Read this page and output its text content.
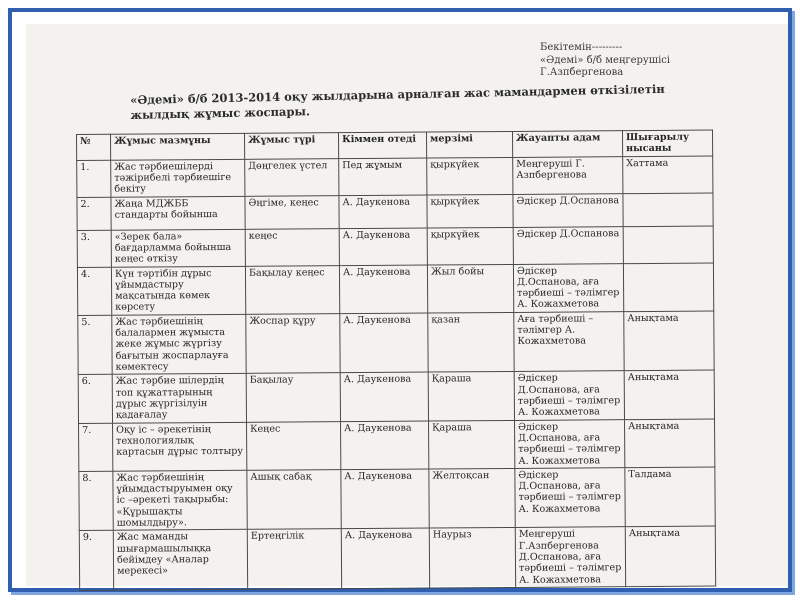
Бекітемін---------
«Әдемі» б/б меңгерушісі
Г.Азпбергенова
«Әдемі» б/б 2013-2014 оқу жылдарына арналған жас мамандармен өткізілетін
жылдық жұмыс жоспары.
№	Жұмыс мазмұны	Жұмыс түрі	Кіммен отеді	мерзімі	Жауапты адам	Шығарылу нысаны
1.	Жас тәрбиешілерді тәжірибелі тәрбиешіге бекіту	Дөңгелек үстел	Пед жұмым	қыркүйек	Меңгеруші Г. Азпбергенова	Хаттама
2.	Жаңа МДЖББ стандарты бойынша	Әңгіме, кеңес	А. Даукенова	қыркүйек	Әдіскер Д.Оспанова	
3.	«Зерек бала» бағдарламма бойынша кеңес өткізу	кеңес	А. Даукенова	қыркүйек	Әдіскер Д.Оспанова	
4.	Күн тәртібін дұрыс ұйымдастыру мақсатында көмек көрсету	Бақылау кеңес	А. Даукенова	Жыл бойы	Әдіскер Д.Оспанова, аға тәрбиеші – тәлімгер А. Кожахметова	
5.	Жас тәрбиешінің балалармен жұмыста жеке жұмыс жүргізу бағытын жоспарлауға көмектесу	Жоспар құру	А. Даукенова	қазан	Аға тәрбиеші – тәлімгер А. Кожахметова	Анықтама
6.	Жас тәрбие шілердің топ құжаттарының дұрыс жүргізілуін қадағалау	Бақылау	А. Даукенова	Қараша	Әдіскер Д.Оспанова, аға тәрбиеші – тәлімгер А. Кожахметова	Анықтама
7.	Оқу іс – әрекетінің технологиялық картасын дұрыс толтыру	Кеңес	А. Даукенова	Қараша	Әдіскер Д.Оспанова, аға тәрбиеші – тәлімгер А. Кожахметова	Анықтама
8.	Жас тәрбиешінің ұйымдастыруымен оқу іс –әрекеті тақырыбы: «Құрышақты шомылдыру».	Ашық сабақ	А. Даукенова	Желтоқсан	Әдіскер Д.Оспанова, аға тәрбиеші – тәлімгер А. Кожахметова	Талдама
9.	Жас маманды шығармашылыққа бейімдеу «Аналар мерекесі»	Ертеңгілік	А. Даукенова	Наурыз	Меңгеруші Г.Азпбергенова Д.Оспанова, аға тәрбиеші – тәлімгер А. Кожахметова	Анықтама
